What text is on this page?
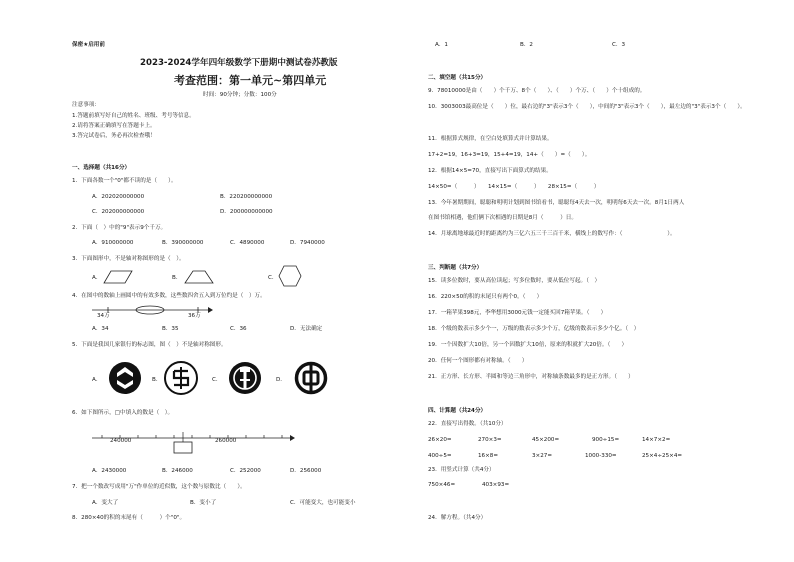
保密★启用前
2023-2024学年四年级数学下册期中测试卷苏教版
考查范围：第一单元~第四单元
时间：90分钟；分数：100分
注意事项：
1.答题前填写好自己的姓名、班级、考号等信息。
2.请将答案正确填写在答题卡上。
3.答完试卷后，务必再次检查哦！
一、选择题（共16分）
1．下面各数一个"0"都不读的是（　　）。
A．202020000000	B．220200000000
C．202000000000	D．200000000000
2．下面（　）中的"9"表示9个千万。
A．910000000	B．390000000	C．4890000	D．7940000
3．下面图形中，不是轴对称图形的是（　）。
A．	B．	C．
4．在图中的数轴上画圆中的有效多数，这些数四舍五入到万位约是（　）万。
34万	36万
A．34	B．35	C．36	D．无法确定
5．下面是我国几家银行的标志图，图（　）不是轴对称图形。
A．	B．	C．	D．
6．如下图所示，□中填入的数是（　）。
240000	260000
A．2430000	B．246000	C．252000	D．256000
7．把一个数改写成用"万"作单位的近似数，这个数与原数比（　　）。
A．变大了	B．变小了	C．可能变大，也可能变小
8．280×40的积的末尾有（　　　）个"0"。
A．1	B．2	C．3
二、填空题（共15分）
9．78010000是由（　　）个千万、8个（　　）、（　　）个万、（　　）个十组成的。
10．3003003最高位是（　　）位，最右边的"3"表示3个（　　），中间的"3"表示3个（　　），最左边的"3"表示3个（　　）。
11．根据算式规律，在空白处填算式并计算结果。
17+2=19，16+3=19，15+4=19，14+（　　）=（　　）。
12．根据14×5=70，直接写出下面算式的结果。
14×50=（　　　）　　14×15=（　　　）　　28×15=（　　　）
13．今年暑期期间，聪聪和明明计划到图书馆看书，聪聪每4天去一次，明明每6天去一次。8月1日两人
在图书馆相遇，他们俩下次相遇的日期是8月（　　　）日。
14．月球离地球最近时的距离约为三亿六五三千三百千米，横线上的数写作：（　　　　　　　　）。
三、判断题（共7分）
15．读多位数时，要从高位读起；写多位数时，要从低位写起。（　）
16．220×50的积的末尾只有两个0。（　　）
17．一箱苹果398元，李华想用3000元钱一定能买回7箱苹果。（　　）
18．个级的数表示多少个一，万级的数表示多少个万，亿级的数表示多少个亿。（　）
19．一个因数扩大10倍，另一个因数扩大10倍，原来的积就扩大20倍。（　　）
20．任何一个图形都有对称轴。（　　）
21．正方形、长方形、半圆和等边三角形中，对称轴条数最多的是正方形。（　　）
四、计算题（共24分）
22．直接写出得数。（共10分）
26×20=	270×3=	45×200=	900÷15=	14×7×2=
400÷5=	16×8=	3×27=	1000-330=	25×4÷25×4=
23．用竖式计算（共4分）
750×46=	403×93=
24．解方程。（共4分）
